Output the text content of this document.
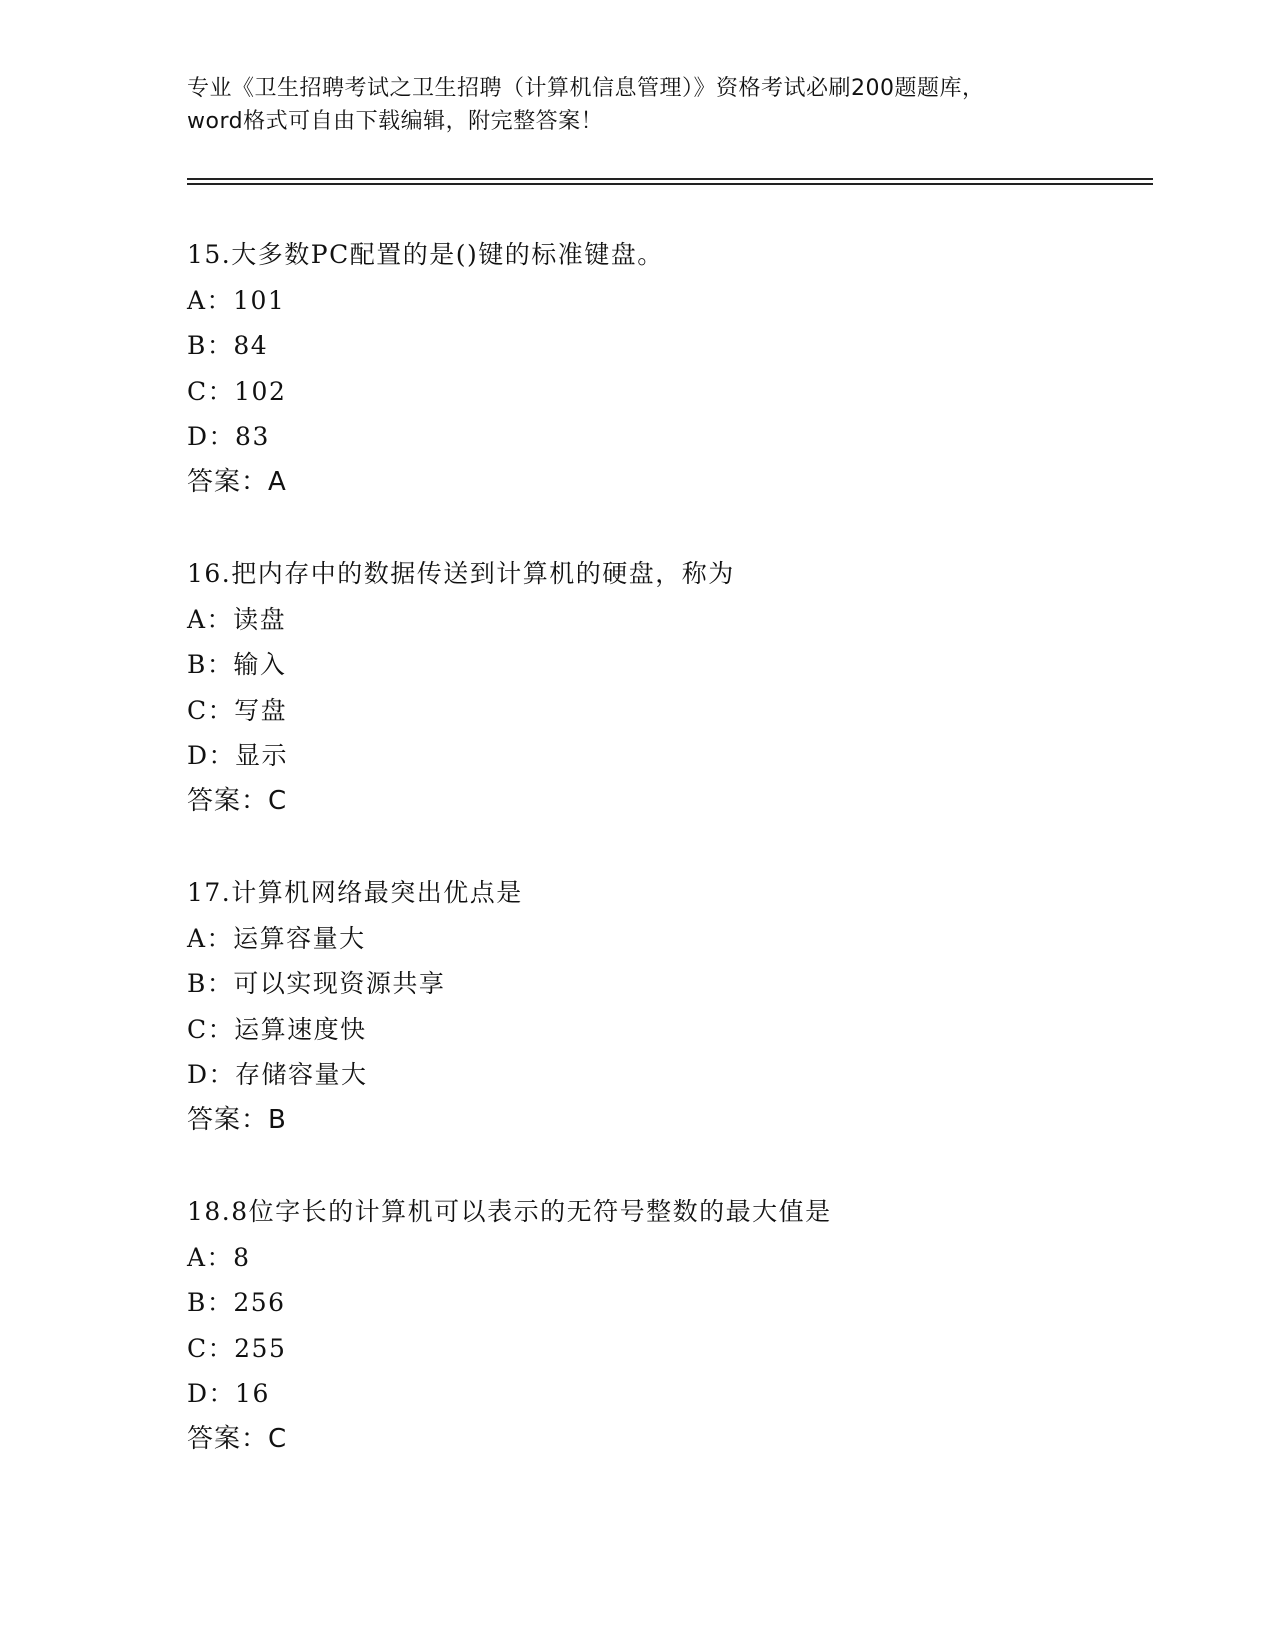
专业《卫生招聘考试之卫生招聘（计算机信息管理）》资格考试必刷200题题库，
word格式可自由下载编辑，附完整答案！
15.大多数PC配置的是()键的标准键盘。
A：101
B：84
C：102
D：83
答案：A
16.把内存中的数据传送到计算机的硬盘，称为
A：读盘
B：输入
C：写盘
D：显示
答案：C
17.计算机网络最突出优点是
A：运算容量大
B：可以实现资源共享
C：运算速度快
D：存储容量大
答案：B
18.8位字长的计算机可以表示的无符号整数的最大值是
A：8
B：256
C：255
D：16
答案：C
